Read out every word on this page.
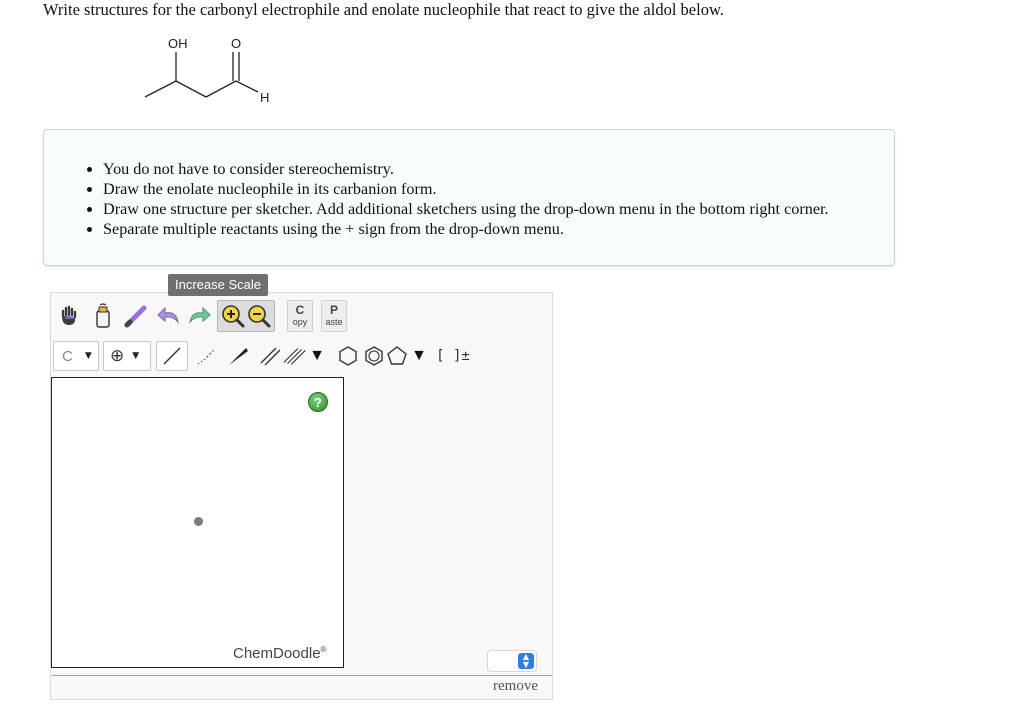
Write structures for the carbonyl electrophile and enolate nucleophile that react to give the aldol below.
OH	O
H
• You do not have to consider stereochemistry.
• Draw the enolate nucleophile in its carbanion form.
• Draw one structure per sketcher. Add additional sketchers using the drop-down menu in the bottom right corner.
• Separate multiple reactants using the + sign from the drop-down menu.
Increase Scale
C
opy
P
aste
C ▼ ⊕ ▼	▼	▼ [ ]±
?
ChemDoodle®
▲
▼
remove
